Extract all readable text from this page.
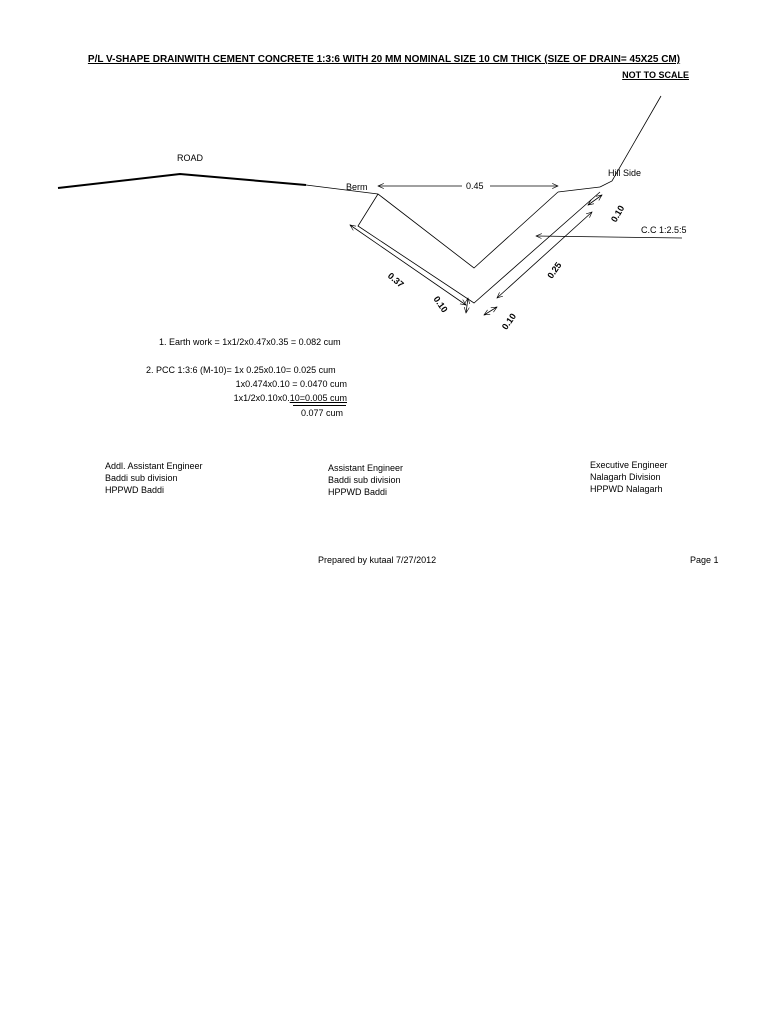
P/L V-SHAPE DRAINWITH CEMENT CONCRETE 1:3:6 WITH 20 MM NOMINAL SIZE 10 CM THICK (SIZE OF DRAIN= 45X25 CM)
NOT TO SCALE
ROAD
Berm
Hill Side
0.45
C.C 1:2.5:5
0.37
0.10
0.25
0.10
0.10
1. Earth work = 1x1/2x0.47x0.35 = 0.082 cum
2. PCC 1:3:6 (M-10)= 1x 0.25x0.10= 0.025 cum
1x0.474x0.10 = 0.0470 cum
1x1/2x0.10x0.10=0.005 cum
0.077 cum
Addl. Assistant Engineer
Baddi sub division
HPPWD Baddi
Assistant Engineer
Baddi sub division
HPPWD Baddi
Executive Engineer
Nalagarh Division
HPPWD Nalagarh
Prepared by kutaal 7/27/2012	Page 1
